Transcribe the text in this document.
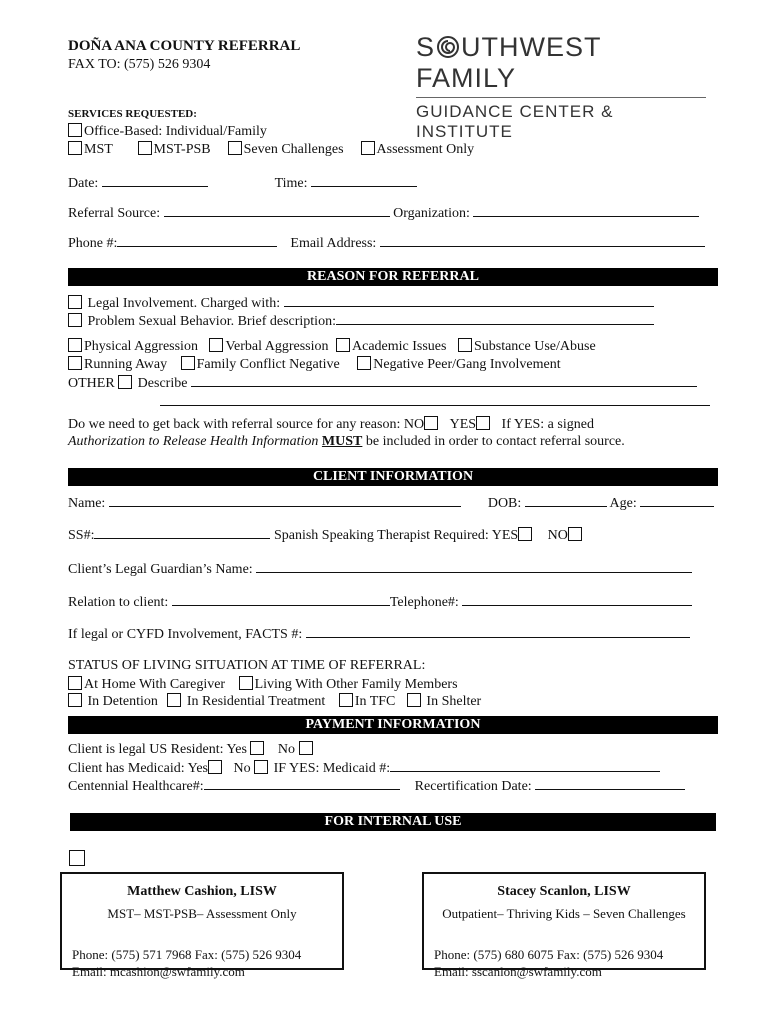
DOÑA ANA COUNTY REFERRAL
FAX TO: (575) 526 9304
S UTHWEST FAMILY
GUIDANCE CENTER & INSTITUTE
SERVICES REQUESTED:
Office-Based: Individual/Family
MST	MST-PSB Seven Challenges Assessment Only
Date:	Time:
Referral Source:	Organization:
Phone #:	Email Address:
REASON FOR REFERRAL
Legal Involvement. Charged with:
Problem Sexual Behavior. Brief description:
Physical Aggression Verbal Aggression Academic Issues Substance Use/Abuse
Running Away Family Conflict Negative Negative Peer/Gang Involvement
OTHER Describe
Do we need to get back with referral source for any reason: NO YES If YES: a signed
Authorization to Release Health Information MUST be included in order to contact referral source.
CLIENT INFORMATION
Name:	DOB:	Age:
SS#:	Spanish Speaking Therapist Required: YES NO
Client’s Legal Guardian’s Name:
Relation to client:	Telephone#:
If legal or CYFD Involvement, FACTS #:
STATUS OF LIVING SITUATION AT TIME OF REFERRAL:
At Home With Caregiver Living With Other Family Members
In Detention In Residential Treatment In TFC In Shelter
PAYMENT INFORMATION
Client is legal US Resident: Yes No
Client has Medicaid: Yes No IF YES: Medicaid #:
Centennial Healthcare#:	Recertification Date:
FOR INTERNAL USE
Matthew Cashion, LISW
MST– MST-PSB– Assessment Only
Phone: (575) 571 7968 Fax: (575) 526 9304
Email: mcashion@swfamily.com
Stacey Scanlon, LISW
Outpatient– Thriving Kids – Seven Challenges
Phone: (575) 680 6075 Fax: (575) 526 9304
Email: sscanlon@swfamily.com
